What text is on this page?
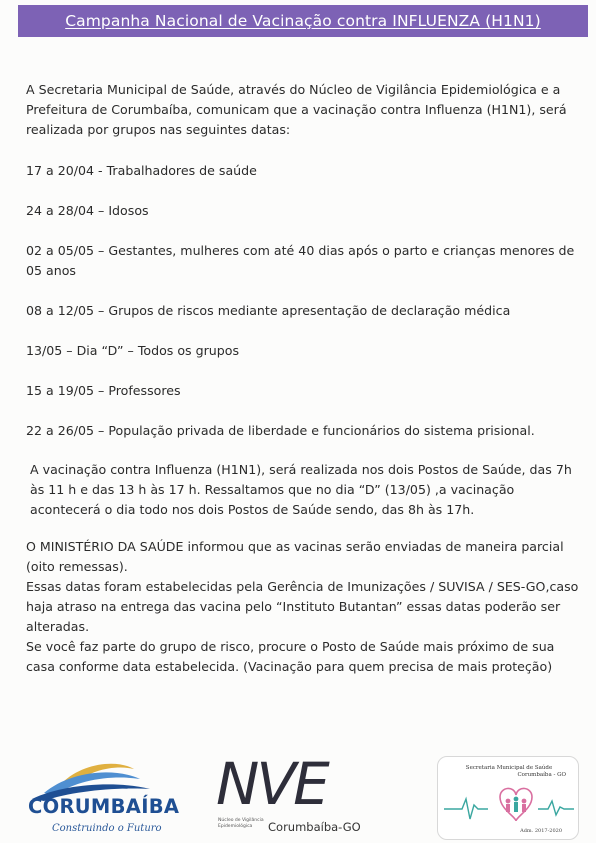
Campanha Nacional de Vacinação contra INFLUENZA (H1N1)

A Secretaria Municipal de Saúde, através do Núcleo de Vigilância Epidemiológica e a Prefeitura de Corumbaíba, comunicam que a vacinação contra Influenza (H1N1), será realizada por grupos nas seguintes datas:

17 a 20/04 - Trabalhadores de saúde

24 a 28/04 – Idosos

02 a 05/05 – Gestantes, mulheres com até 40 dias após o parto e crianças menores de 05 anos

08 a 12/05 – Grupos de riscos mediante apresentação de declaração médica

13/05 – Dia “D” – Todos os grupos

15 a 19/05 – Professores

22 a 26/05 – População privada de liberdade e funcionários do sistema prisional.

A vacinação contra Influenza (H1N1), será realizada nos dois Postos de Saúde, das 7h às 11 h e das 13 h às 17 h. Ressaltamos que no dia “D” (13/05) ,a vacinação acontecerá o dia todo nos dois Postos de Saúde sendo, das 8h às 17h.

O MINISTÉRIO DA SAÚDE informou que as vacinas serão enviadas de maneira parcial (oito remessas).

Essas datas foram estabelecidas pela Gerência de Imunizações / SUVISA / SES-GO,caso haja atraso na entrega das vacina pelo “Instituto Butantan” essas datas poderão ser alteradas.

Se você faz parte do grupo de risco, procure o Posto de Saúde mais próximo de sua casa conforme data estabelecida. (Vacinação para quem precisa de mais proteção)

CORUMBAÍBA
Construindo o Futuro
NVE
Núcleo de Vigilância Epidemiológica	Corumbaíba-GO
Secretaria Municipal de Saúde
Corumbaíba - GO
Adm. 2017-2020
